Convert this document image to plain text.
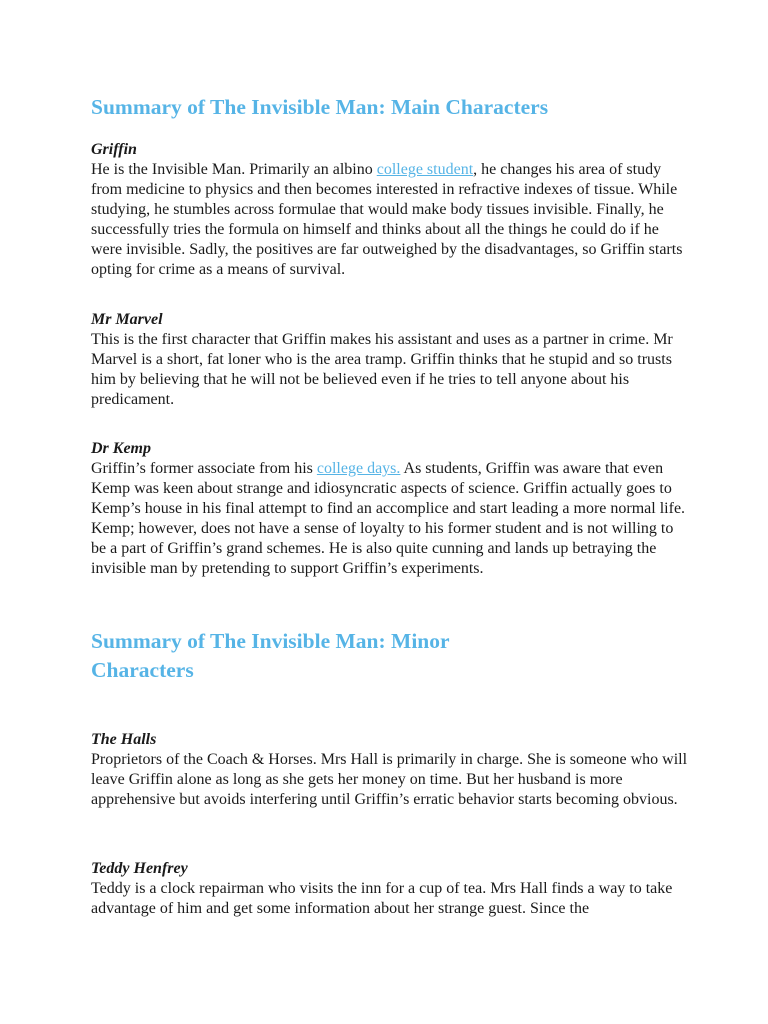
Summary of The Invisible Man: Main Characters

Griffin

He is the Invisible Man. Primarily an albino college student, he changes his area of study from medicine to physics and then becomes interested in refractive indexes of tissue. While studying, he stumbles across formulae that would make body tissues invisible. Finally, he successfully tries the formula on himself and thinks about all the things he could do if he were invisible. Sadly, the positives are far outweighed by the disadvantages, so Griffin starts opting for crime as a means of survival.

Mr Marvel

This is the first character that Griffin makes his assistant and uses as a partner in crime. Mr Marvel is a short, fat loner who is the area tramp. Griffin thinks that he stupid and so trusts him by believing that he will not be believed even if he tries to tell anyone about his predicament.

Dr Kemp

Griffin’s former associate from his college days. As students, Griffin was aware that even Kemp was keen about strange and idiosyncratic aspects of science. Griffin actually goes to Kemp’s house in his final attempt to find an accomplice and start leading a more normal life. Kemp; however, does not have a sense of loyalty to his former student and is not willing to be a part of Griffin’s grand schemes. He is also quite cunning and lands up betraying the invisible man by pretending to support Griffin’s experiments.

Summary of The Invisible Man: Minor
Characters

The Halls

Proprietors of the Coach & Horses. Mrs Hall is primarily in charge. She is someone who will leave Griffin alone as long as she gets her money on time. But her husband is more apprehensive but avoids interfering until Griffin’s erratic behavior starts becoming obvious.

Teddy Henfrey

Teddy is a clock repairman who visits the inn for a cup of tea. Mrs Hall finds a way to take advantage of him and get some information about her strange guest. Since the
